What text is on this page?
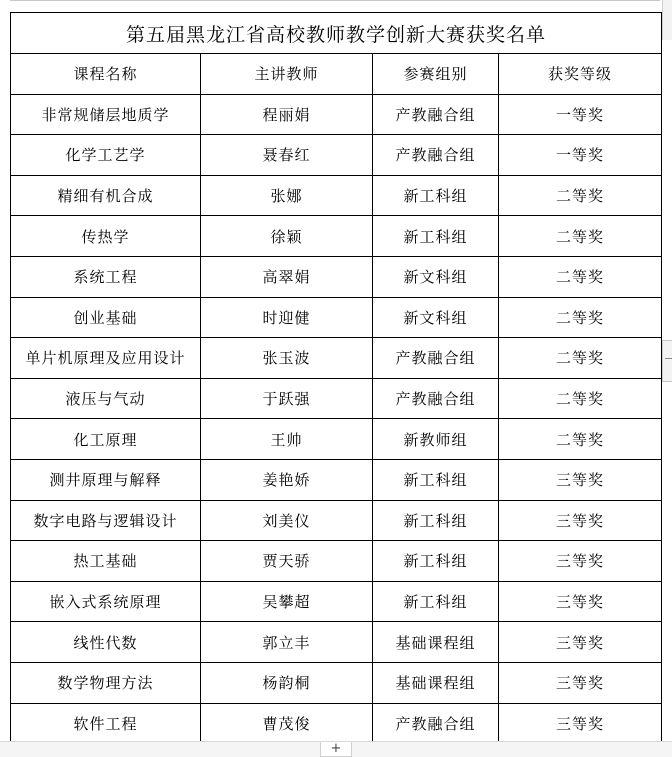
第五届黑龙江省高校教师教学创新大赛获奖名单			
课程名称	主讲教师	参赛组别	获奖等级
非常规储层地质学	程丽娟	产教融合组	一等奖
化学工艺学	聂春红	产教融合组	一等奖
精细有机合成	张娜	新工科组	二等奖
传热学	徐颖	新工科组	二等奖
系统工程	高翠娟	新文科组	二等奖
创业基础	时迎健	新文科组	二等奖
单片机原理及应用设计	张玉波	产教融合组	二等奖
液压与气动	于跃强	产教融合组	二等奖
化工原理	王帅	新教师组	二等奖
测井原理与解释	姜艳娇	新工科组	三等奖
数字电路与逻辑设计	刘美仪	新工科组	三等奖
热工基础	贾天骄	新工科组	三等奖
嵌入式系统原理	吴攀超	新工科组	三等奖
线性代数	郭立丰	基础课程组	三等奖
数学物理方法	杨韵桐	基础课程组	三等奖
软件工程	曹茂俊	产教融合组	三等奖
+
